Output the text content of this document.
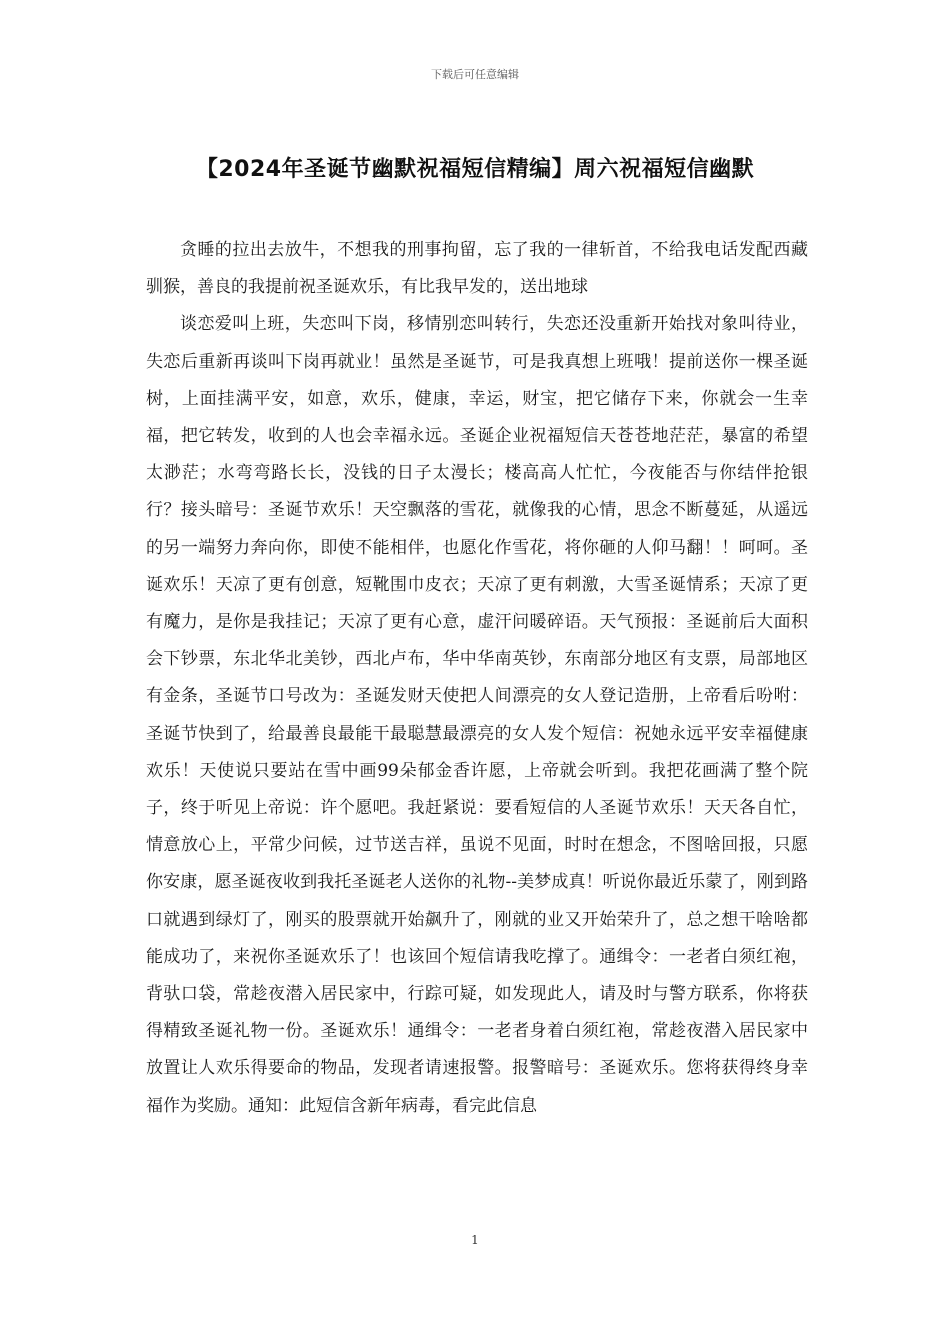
下载后可任意编辑
【2024年圣诞节幽默祝福短信精编】周六祝福短信幽默

贪睡的拉出去放牛，不想我的刑事拘留，忘了我的一律斩首，不给我电话发配西藏驯猴，善良的我提前祝圣诞欢乐，有比我早发的，送出地球

谈恋爱叫上班，失恋叫下岗，移情别恋叫转行，失恋还没重新开始找对象叫待业，失恋后重新再谈叫下岗再就业！虽然是圣诞节，可是我真想上班哦！提前送你一棵圣诞树，上面挂满平安，如意，欢乐，健康，幸运，财宝，把它储存下来，你就会一生幸福，把它转发，收到的人也会幸福永远。圣诞企业祝福短信天苍苍地茫茫，暴富的希望太渺茫；水弯弯路长长，没钱的日子太漫长；楼高高人忙忙，今夜能否与你结伴抢银行？接头暗号：圣诞节欢乐！天空飘落的雪花，就像我的心情，思念不断蔓延，从遥远的另一端努力奔向你，即使不能相伴，也愿化作雪花，将你砸的人仰马翻！！呵呵。圣诞欢乐！天凉了更有创意，短靴围巾皮衣；天凉了更有刺激，大雪圣诞情系；天凉了更有魔力，是你是我挂记；天凉了更有心意，虚汗问暖碎语。天气预报：圣诞前后大面积会下钞票，东北华北美钞，西北卢布，华中华南英钞，东南部分地区有支票，局部地区有金条，圣诞节口号改为：圣诞发财天使把人间漂亮的女人登记造册，上帝看后吩咐：圣诞节快到了，给最善良最能干最聪慧最漂亮的女人发个短信：祝她永远平安幸福健康欢乐！天使说只要站在雪中画99朵郁金香许愿，上帝就会听到。我把花画满了整个院子，终于听见上帝说：许个愿吧。我赶紧说：要看短信的人圣诞节欢乐！天天各自忙，情意放心上，平常少问候，过节送吉祥，虽说不见面，时时在想念，不图啥回报，只愿你安康，愿圣诞夜收到我托圣诞老人送你的礼物--美梦成真！听说你最近乐蒙了，刚到路口就遇到绿灯了，刚买的股票就开始飙升了，刚就的业又开始荣升了，总之想干啥啥都能成功了，来祝你圣诞欢乐了！也该回个短信请我吃撑了。通缉令：一老者白须红袍，背驮口袋，常趁夜潜入居民家中，行踪可疑，如发现此人，请及时与警方联系，你将获得精致圣诞礼物一份。圣诞欢乐！通缉令：一老者身着白须红袍，常趁夜潜入居民家中放置让人欢乐得要命的物品，发现者请速报警。报警暗号：圣诞欢乐。您将获得终身幸福作为奖励。通知：此短信含新年病毒，看完此信息

1
